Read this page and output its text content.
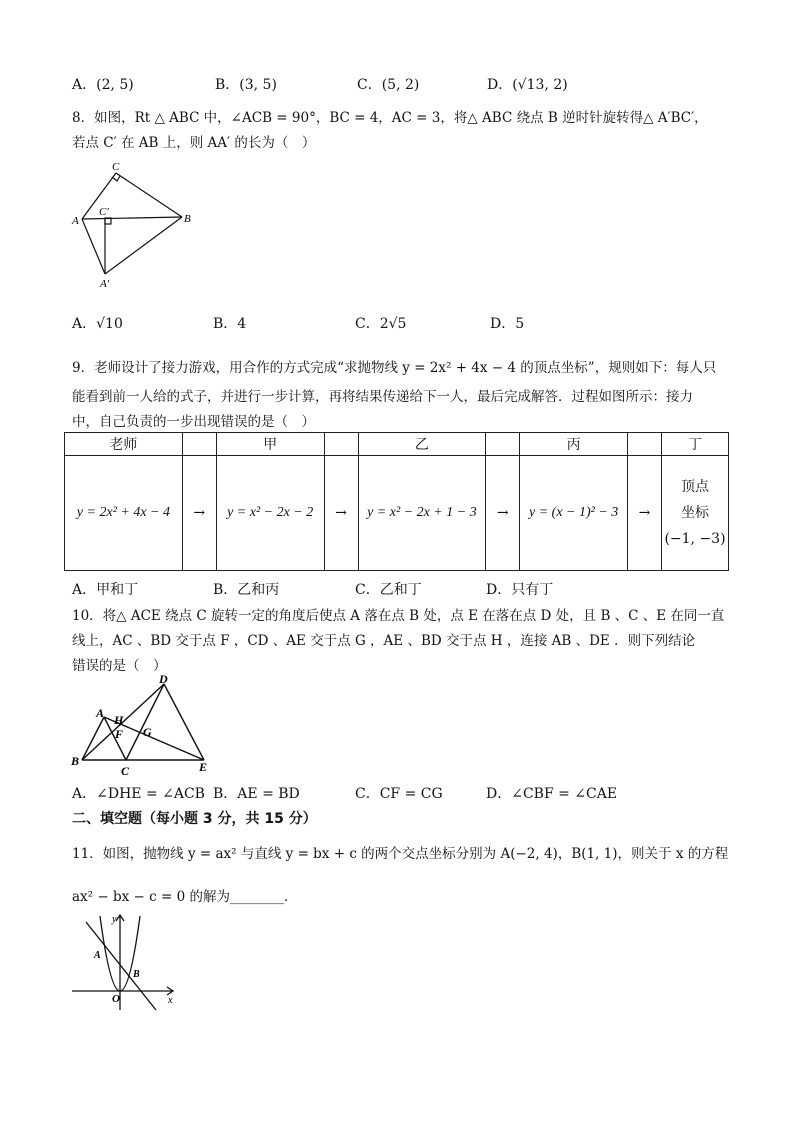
A．(2, 5)	B．(3, 5)	C．(5, 2)	D．(√13, 2)
8．如图，Rt △ ABC 中，∠ACB = 90°，BC = 4，AC = 3，将△ ABC 绕点 B 逆时针旋转得△ A′BC′，
若点 C′ 在 AB 上，则 AA′ 的长为（　）
C
A
C′
B
A′
A．√10	B．4	C．2√5	D．5
9．老师设计了接力游戏，用合作的方式完成“求抛物线 y = 2x² + 4x − 4 的顶点坐标”，规则如下：每人只
能看到前一人给的式子，并进行一步计算，再将结果传递给下一人，最后完成解答．过程如图所示：接力
中，自己负责的一步出现错误的是（　）
老师		甲		乙		丙		丁
y = 2x² + 4x − 4	→	y = x² − 2x − 2	→	y = x² − 2x + 1 − 3	→	y = (x − 1)² − 3	→	顶点
坐标
(−1, −3)
A．甲和丁	B．乙和丙	C．乙和丁	D．只有丁
10．将△ ACE 绕点 C 旋转一定的角度后使点 A 落在点 B 处，点 E 在落在点 D 处，且 B 、C 、E 在同一直
线上，AC 、BD 交于点 F ，CD 、AE 交于点 G ，AE 、BD 交于点 H ，连接 AB 、DE ．则下列结论
错误的是（　）
D
A H
F G
B
C	E
A．∠DHE = ∠ACB B．AE = BD	C．CF = CG	D．∠CBF = ∠CAE
二、填空题（每小题 3 分，共 15 分）
11．如图，抛物线 y = ax² 与直线 y = bx + c 的两个交点坐标分别为 A(−2, 4)，B(1, 1)，则关于 x 的方程
ax² − bx − c = 0 的解为________．
y
x
O
A
B
